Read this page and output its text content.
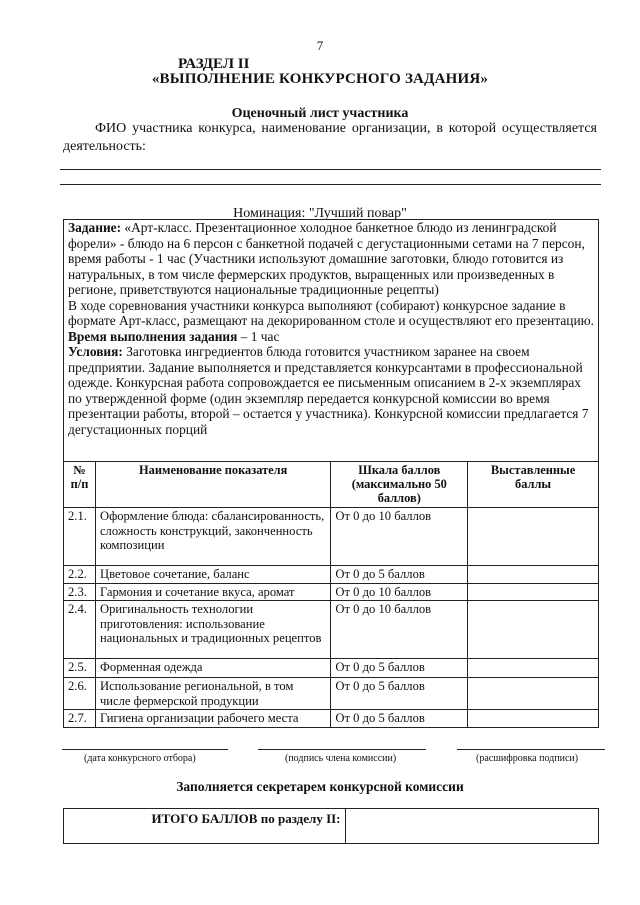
7
РАЗДЕЛ II
«ВЫПОЛНЕНИЕ КОНКУРСНОГО ЗАДАНИЯ»
Оценочный лист участника
ФИО участника конкурса, наименование организации, в которой осуществляется деятельность:
Номинация: "Лучший повар"

Задание: «Арт-класс. Презентационное холодное банкетное блюдо из ленинградской форели» - блюдо на 6 персон с банкетной подачей с дегустационными сетами на 7 персон, время работы - 1 час (Участники используют домашние заготовки, блюдо готовится из натуральных, в том числе фермерских продуктов, выращенных или произведенных в регионе, приветствуются национальные традиционные рецепты)

В ходе соревнования участники конкурса выполняют (собирают) конкурсное задание в формате Арт-класс, размещают на декорированном столе и осуществляют его презентацию.

Время выполнения задания – 1 час

Условия: Заготовка ингредиентов блюда готовится участником заранее на своем предприятии. Задание выполняется и представляется конкурсантами в профессиональной одежде. Конкурсная работа сопровождается ее письменным описанием в 2-х экземплярах по утвержденной форме (один экземпляр передается конкурсной комиссии во время презентации работы, второй – остается у участника). Конкурсной комиссии предлагается 7 дегустационных порций

№ п/п	Наименование показателя	Шкала баллов (максимально 50 баллов)	Выставленные баллы
2.1.	Оформление блюда: сбалансированность, сложность конструкций, законченность композиции	От 0 до 10 баллов	
2.2.	Цветовое сочетание, баланс	От 0 до 5 баллов	
2.3.	Гармония и сочетание вкуса, аромат	От 0 до 10 баллов	
2.4.	Оригинальность технологии приготовления: использование национальных и традиционных рецептов	От 0 до 10 баллов	
2.5.	Форменная одежда	От 0 до 5 баллов	
2.6.	Использование региональной, в том числе фермерской продукции	От 0 до 5 баллов	
2.7.	Гигиена организации рабочего места	От 0 до 5 баллов	
(дата конкурсного отбора)	(подпись члена комиссии)	(расшифровка подписи)
Заполняется секретарем конкурсной комиссии
ИТОГО БАЛЛОВ по разделу II:	
